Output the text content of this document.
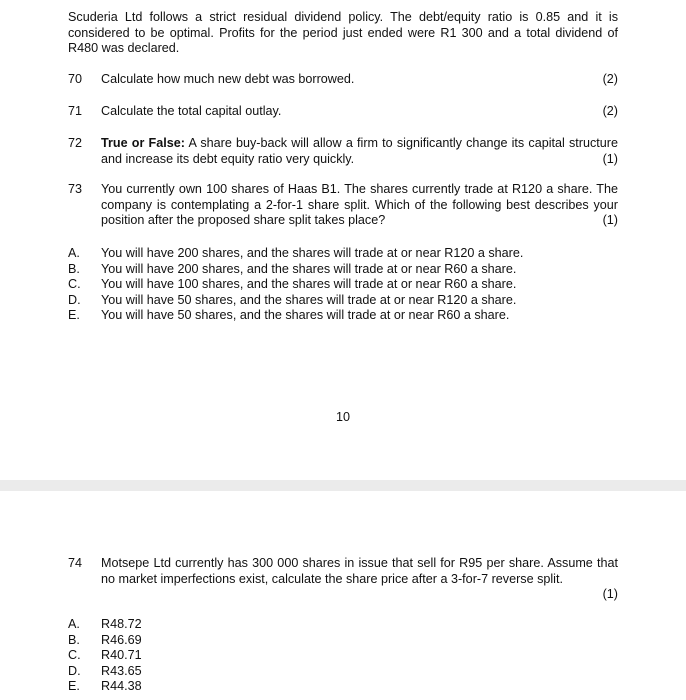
Scuderia Ltd follows a strict residual dividend policy. The debt/equity ratio is 0.85 and it is considered to be optimal. Profits for the period just ended were R1 300 and a total dividend of R480 was declared.

70	Calculate how much new debt was borrowed.	(2)
71	Calculate the total capital outlay.	(2)
72	True or False: A share buy-back will allow a firm to significantly change its capital structure and increase its debt equity ratio very quickly.	(1)
73	You currently own 100 shares of Haas B1. The shares currently trade at R120 a share. The company is contemplating a 2-for-1 share split. Which of the following best describes your position after the proposed share split takes place?	(1)
A.	You will have 200 shares, and the shares will trade at or near R120 a share.
B.	You will have 200 shares, and the shares will trade at or near R60 a share.
C.	You will have 100 shares, and the shares will trade at or near R60 a share.
D.	You will have 50 shares, and the shares will trade at or near R120 a share.
E.	You will have 50 shares, and the shares will trade at or near R60 a share.
10
74	Motsepe Ltd currently has 300 000 shares in issue that sell for R95 per share. Assume that no market imperfections exist, calculate the share price after a 3-for-7 reverse split.
(1)
A.	R48.72
B.	R46.69
C.	R40.71
D.	R43.65
E.	R44.38
